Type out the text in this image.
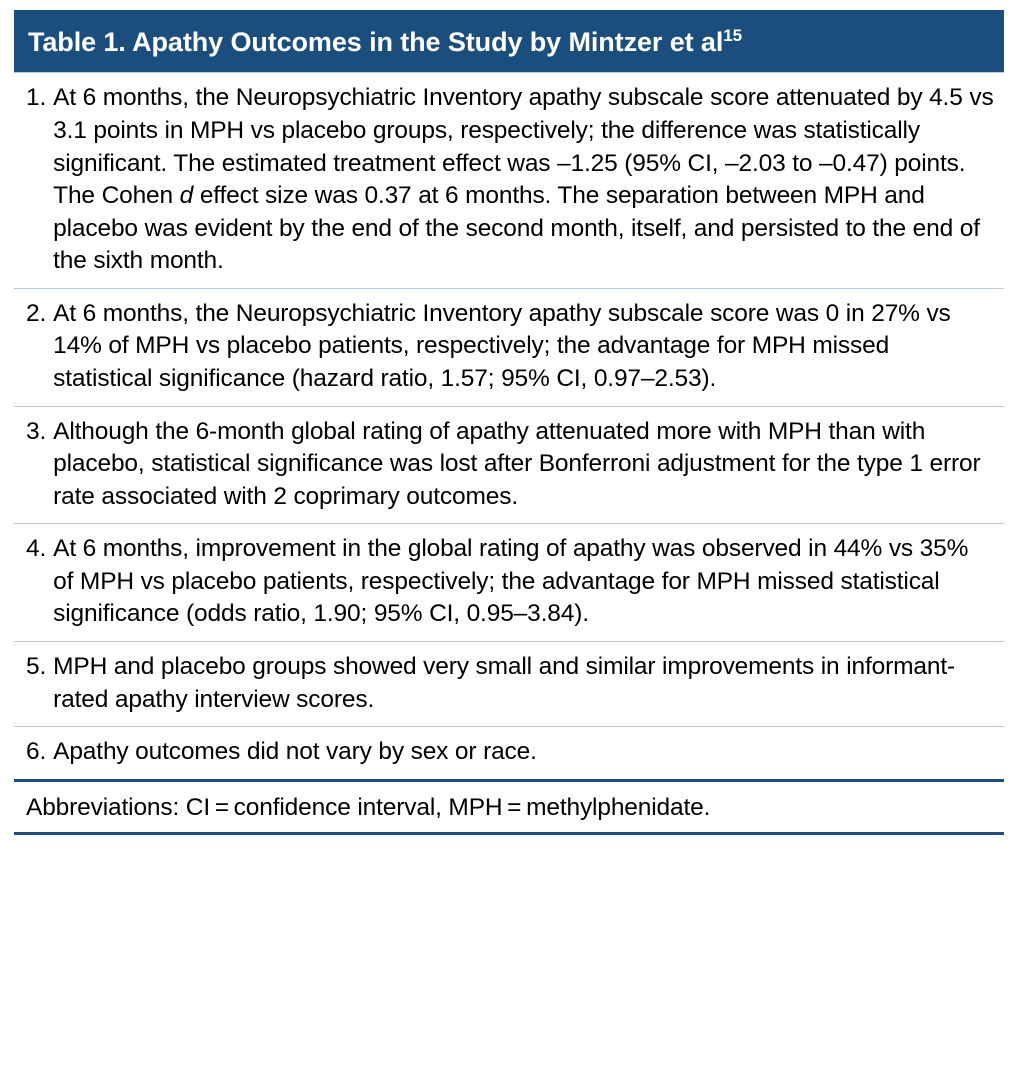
Table 1. Apathy Outcomes in the Study by Mintzer et $al^{15}$
1. At 6 months, the Neuropsychiatric Inventory apathy subscale score attenuated by 4.5 vs 3.1 points in MPH vs placebo groups, respectively; the difference was statistically significant. The estimated treatment effect was –1.25 (95% CI, –2.03 to –0.47) points. The Cohen d effect size was 0.37 at 6 months. The separation between MPH and placebo was evident by the end of the second month, itself, and persisted to the end of the sixth month.
2. At 6 months, the Neuropsychiatric Inventory apathy subscale score was 0 in 27% vs 14% of MPH vs placebo patients, respectively; the advantage for MPH missed statistical significance (hazard ratio, 1.57; 95% CI, 0.97–2.53).
3. Although the 6-month global rating of apathy attenuated more with MPH than with placebo, statistical significance was lost after Bonferroni adjustment for the type 1 error rate associated with 2 coprimary outcomes.
4. At 6 months, improvement in the global rating of apathy was observed in 44% vs 35% of MPH vs placebo patients, respectively; the advantage for MPH missed statistical significance (odds ratio, 1.90; 95% CI, 0.95–3.84).
5. MPH and placebo groups showed very small and similar improvements in informant-rated apathy interview scores.
6. Apathy outcomes did not vary by sex or race.
Abbreviations: CI = confidence interval, MPH = methylphenidate.
